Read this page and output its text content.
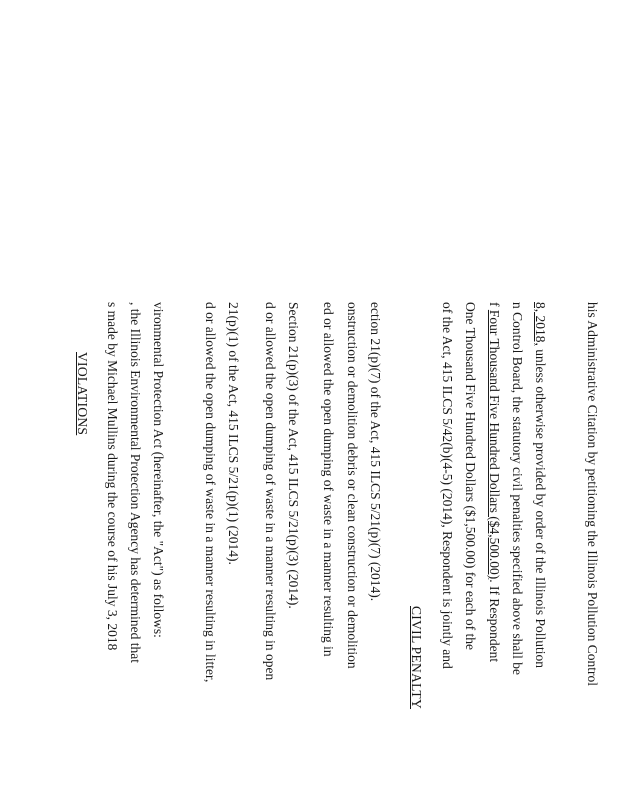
VIOLATIONS s made by Michael Mullins during the course of his July 3, 2018 , the Illinois Environmental Protection Agency has determined that vironmental Protection Act (hereinafter, the "Act") as follows:	d or allowed the open dumping of waste in a manner resulting in litter, 21(p)(1) of the Act, 415 ILCS 5/21(p)(1) (2014). d or allowed the open dumping of waste in a manner resulting in open Section 21(p)(3) of the Act, 415 ILCS 5/21(p)(3) (2014). ed or allowed the open dumping of waste in a manner resulting in onstruction or demolition debris or clean construction or demolition ection 21(p)(7) of the Act, 415 ILCS 5/21(p)(7) (2014).
CIVIL PENALTY of the Act, 415 ILCS 5/42(b)(4-5) (2014), Respondent is jointly and One Thousand Five Hundred Dollars ($1,500.00) for each of the f Four Thousand Five Hundred Dollars ($4,500.00). If Respondent n Control Board, the statutory civil penalties specified above shall be 8, 2018, unless otherwise provided by order of the Illinois Pollution	his Administrative Citation by petitioning the Illinois Pollution Control
